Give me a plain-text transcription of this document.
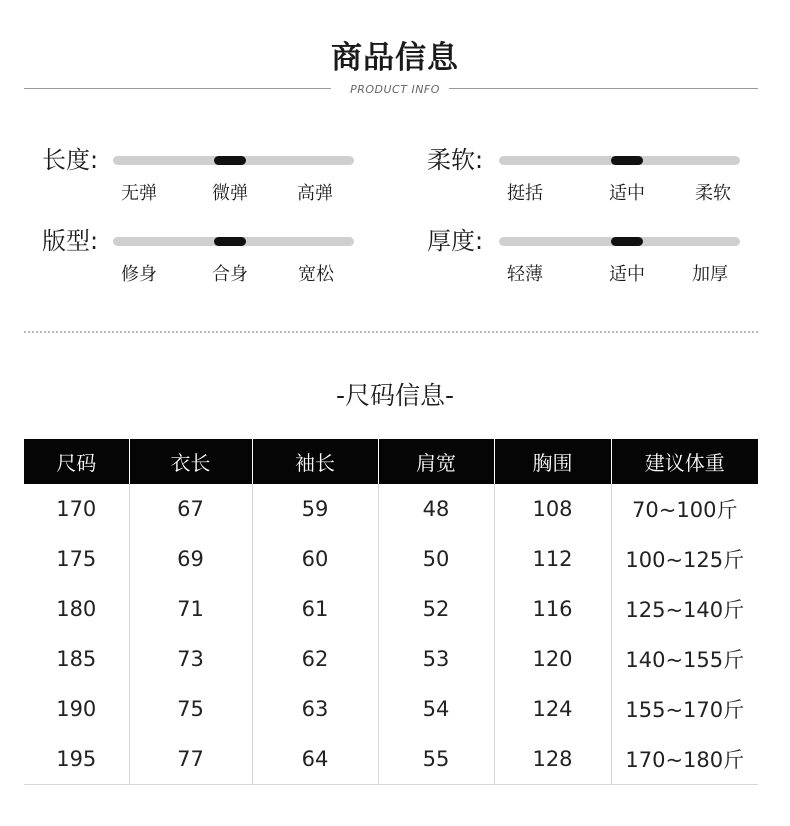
商品信息
PRODUCT INFO
长度:
无弹	微弹	高弹
柔软:
挺括	适中	柔软
版型:
修身	合身	宽松
厚度:
轻薄	适中	加厚
-尺码信息-
尺码	衣长	袖长	肩宽	胸围	建议体重
170	67	59	48	108	70~100斤
175	69	60	50	112	100~125斤
180	71	61	52	116	125~140斤
185	73	62	53	120	140~155斤
190	75	63	54	124	155~170斤
195	77	64	55	128	170~180斤
